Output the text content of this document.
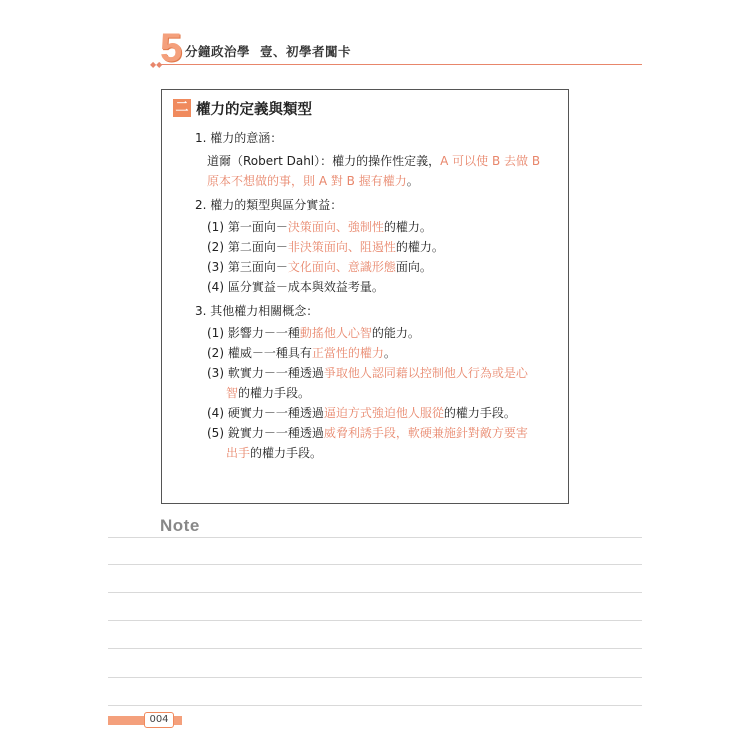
5 分鐘政治學 壹、初學者闖卡
◆◆
二 權力的定義與類型
1. 權力的意涵：
道爾（Robert Dahl）：權力的操作性定義，A 可以使 B 去做 B
原本不想做的事，則 A 對 B 握有權力。
2. 權力的類型與區分實益：
(1) 第一面向－決策面向、強制性的權力。
(2) 第二面向－非決策面向、阻遏性的權力。
(3) 第三面向－文化面向、意識形態面向。
(4) 區分實益－成本與效益考量。
3. 其他權力相關概念：
(1) 影響力－一種動搖他人心智的能力。
(2) 權威－一種具有正當性的權力。
(3) 軟實力－一種透過爭取他人認同藉以控制他人行為或是心
智的權力手段。
(4) 硬實力－一種透過逼迫方式強迫他人服從的權力手段。
(5) 銳實力－一種透過威脅利誘手段，軟硬兼施針對敵方要害
出手的權力手段。
Note
004
